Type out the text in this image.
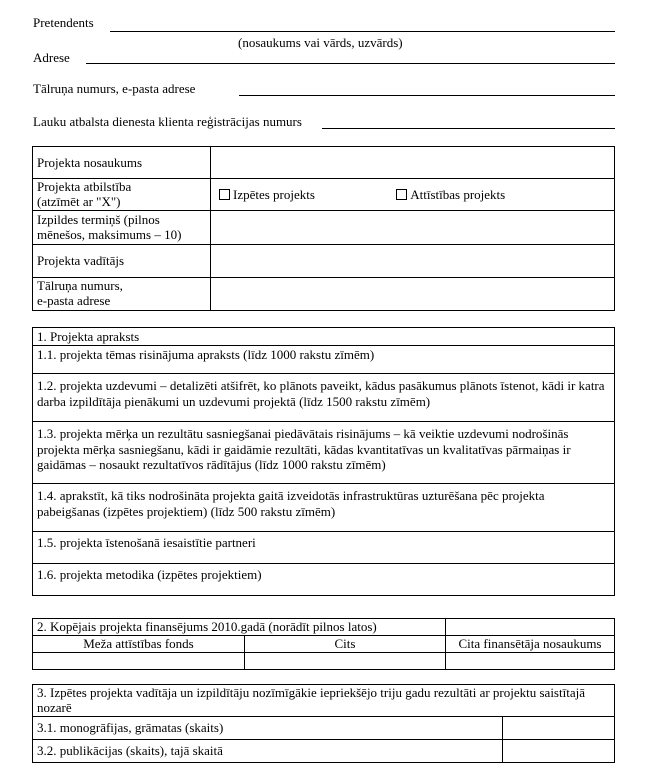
Pretendents
(nosaukums vai vārds, uzvārds)
Adrese
Tālruņa numurs, e-pasta adrese
Lauku atbalsta dienesta klienta reģistrācijas numurs
Projekta nosaukums	
Projekta atbilstība
(atzīmēt ar "X")	Izpētes projekts Attīstības projekts
Izpildes termiņš (pilnos
mēnešos, maksimums – 10)	
Projekta vadītājs	
Tālruņa numurs,
e-pasta adrese	
1. Projekta apraksts
1.1. projekta tēmas risinājuma apraksts (līdz 1000 rakstu zīmēm)
1.2. projekta uzdevumi – detalizēti atšifrēt, ko plānots paveikt, kādus pasākumus plānots īstenot, kādi ir katra darba izpildītāja pienākumi un uzdevumi projektā (līdz 1500 rakstu zīmēm)
1.3. projekta mērķa un rezultātu sasniegšanai piedāvātais risinājums – kā veiktie uzdevumi nodrošinās projekta mērķa sasniegšanu, kādi ir gaidāmie rezultāti, kādas kvantitatīvas un kvalitatīvas pārmaiņas ir gaidāmas – nosaukt rezultatīvos rādītājus (līdz 1000 rakstu zīmēm)
1.4. aprakstīt, kā tiks nodrošināta projekta gaitā izveidotās infrastruktūras uzturēšana pēc projekta pabeigšanas (izpētes projektiem) (līdz 500 rakstu zīmēm)
1.5. projekta īstenošanā iesaistītie partneri
1.6. projekta metodika (izpētes projektiem)
2. Kopējais projekta finansējums 2010.gadā (norādīt pilnos latos)		
Meža attīstības fonds	Cits	Cita finansētāja nosaukums

3. Izpētes projekta vadītāja un izpildītāju nozīmīgākie iepriekšējo triju gadu rezultāti ar projektu saistītajā nozarē	
3.1. monogrāfijas, grāmatas (skaits)	
3.2. publikācijas (skaits), tajā skaitā	
